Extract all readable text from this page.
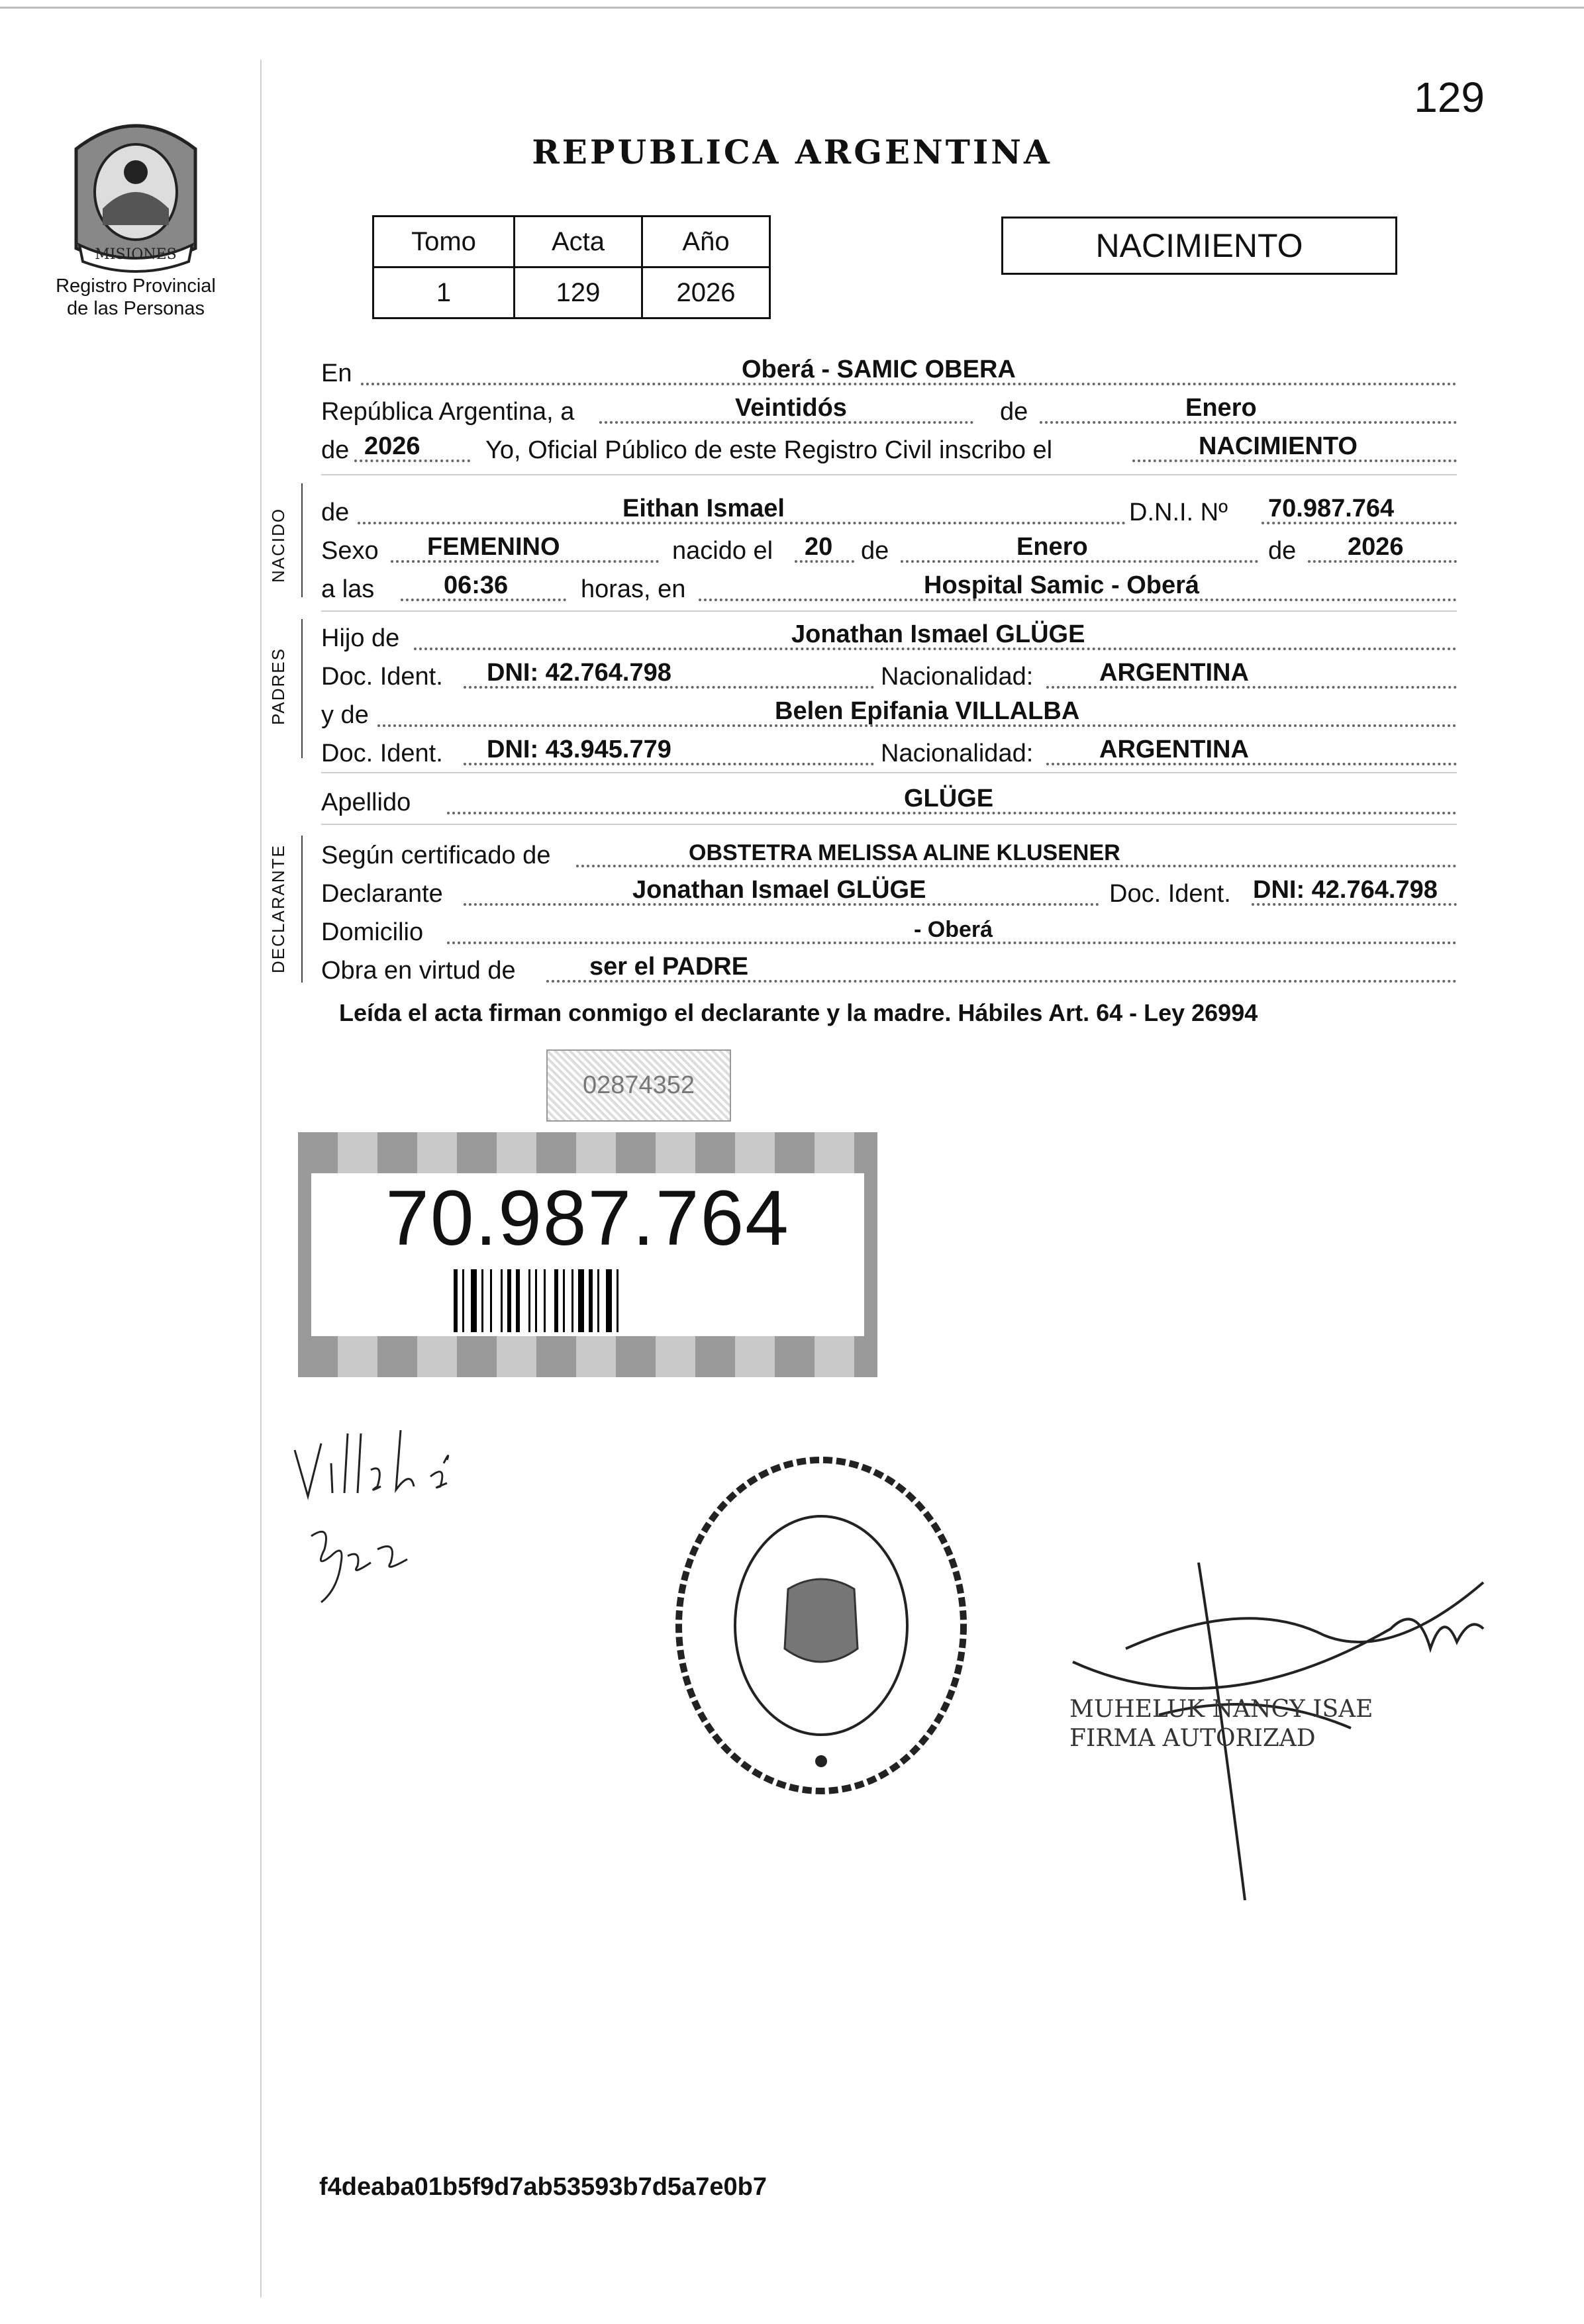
129
REPUBLICA ARGENTINA
MISIONES
Registro Provincial
de las Personas
Tomo	Acta	Año
1	129	2026
NACIMIENTO
En	Oberá - SAMIC OBERA
República Argentina, a	Veintidós	de	Enero
de 2026	Yo, Oficial Público de este Registro Civil inscribo el	NACIMIENTO
NACIDO de	Eithan Ismael	D.N.I. Nº 70.987.764
Sexo FEMENINO	nacido el 20 de	Enero	de 2026
a las	06:36	horas, en	Hospital Samic - Oberá
PADRES
Hijo de	Jonathan Ismael GLÜGE
Doc. Ident. DNI: 42.764.798	Nacionalidad:	ARGENTINA
y de	Belen Epifania VILLALBA
Doc. Ident. DNI: 43.945.779	Nacionalidad:	ARGENTINA
Apellido	GLÜGE
DECLARANTE Según certificado de	OBSTETRA MELISSA ALINE KLUSENER
Declarante	Jonathan Ismael GLÜGE	Doc. Ident. DNI: 42.764.798
Domicilio	- Oberá
Obra en virtud de	ser el PADRE
Leída el acta firman conmigo el declarante y la madre. Hábiles Art. 64 - Ley 26994
02874352
70.987.764
MUHELUK NANCY ISAE
FIRMA AUTORIZAD
f4deaba01b5f9d7ab53593b7d5a7e0b7
